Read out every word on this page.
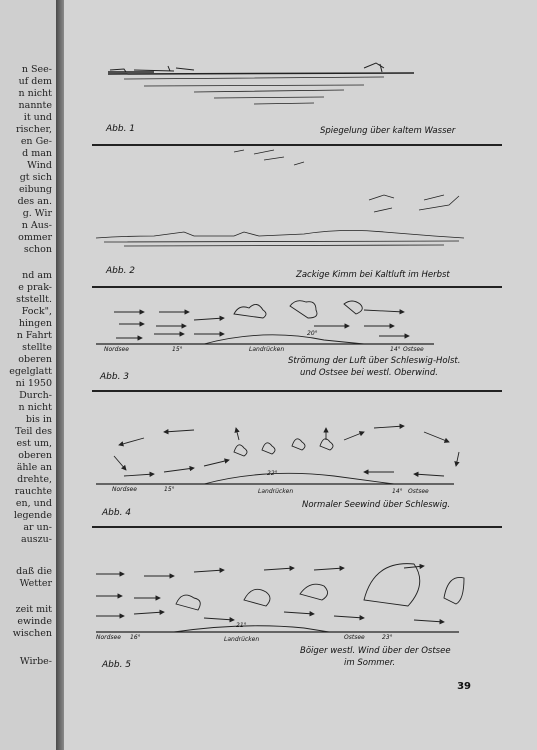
n See-
uf dem
n nicht
nannte
it und
rischer,
en Ge-
d man
Wind
gt sich
eibung
des an.
g. Wir
n Aus-
ommer
schon
nd am
e prak-
ststellt.
Fock",
hingen
n Fahrt
stellte
oberen
egelglatt
ni 1950
Durch-
n nicht
bis in
Teil des
est um,
oberen
ähle an
drehte,
rauchte
en, und
legende
ar un-
auszu-
daß die
Wetter
zeit mit
ewinde
wischen
Wirbe-
Abb. 1	Spiegelung über kaltem Wasser
Abb. 2	Zackige Kimm bei Kaltluft im Herbst
Nordsee	15°	Landrücken
20°
14° Ostsee
Abb. 3
Strömung der Luft über Schleswig-Holst.
und Ostsee bei westl. Oberwind.
Nordsee	15°	Landrücken
22°
14° Ostsee
Normaler Seewind über Schleswig.
Abb. 4
Nordsee 16°	Landrücken
21°
Ostsee	23°
Böiger westl. Wind über der Ostsee
im Sommer.
Abb. 5
39
